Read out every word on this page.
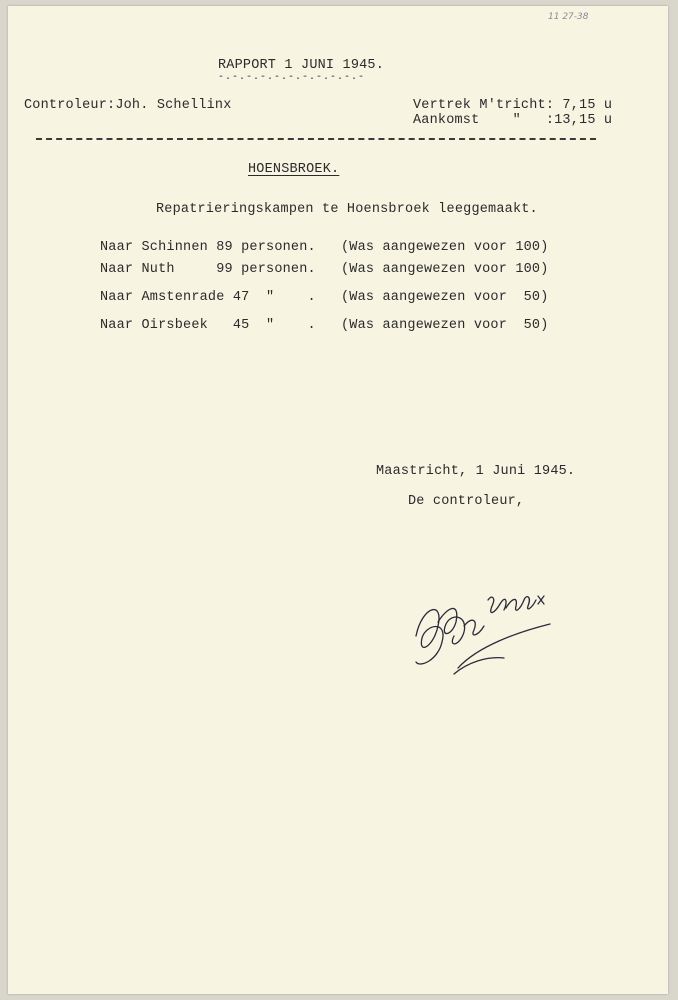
11 27-38
RAPPORT 1 JUNI 1945.
-.-.-.-.-.-.-.-.-.-.-
Controleur:Joh. Schellinx	Vertrek M'tricht: 7,15 u
Aankomst    "   :13,15 u
HOENSBROEK.
Repatrieringskampen te Hoensbroek leeggemaakt.
Naar Schinnen 89 personen. (Was aangewezen voor 100)
Naar Nuth     99 personen. (Was aangewezen voor 100)
Naar Amstenrade 47  "    . (Was aangewezen voor  50)
Naar Oirsbeek   45  "    . (Was aangewezen voor  50)
Maastricht, 1 Juni 1945.
De controleur,
